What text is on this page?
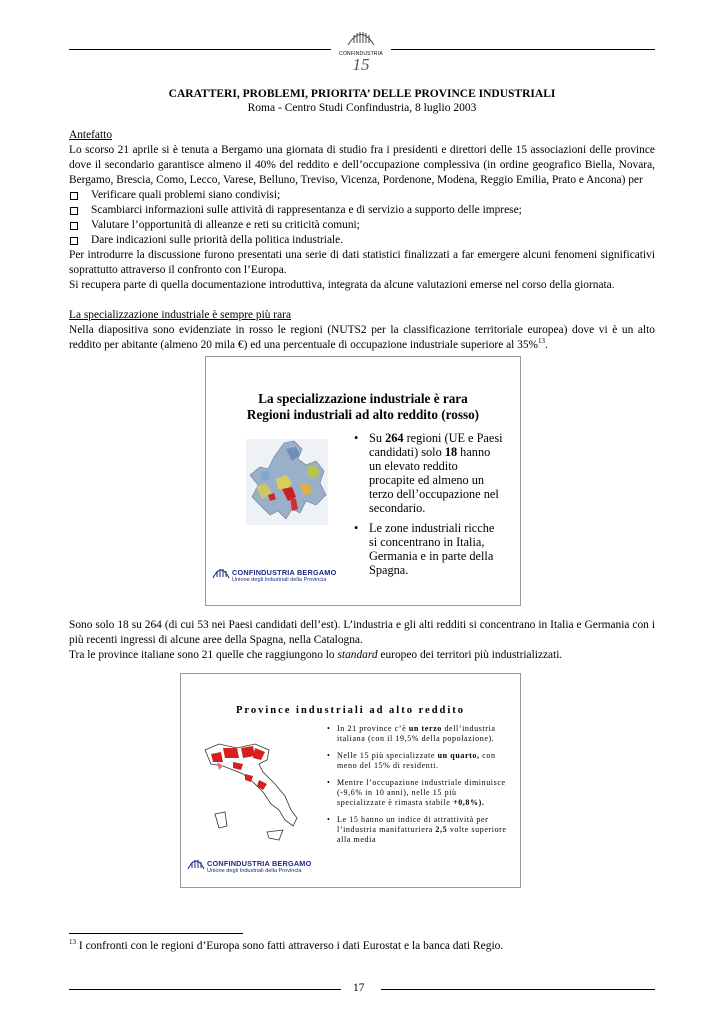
CONFINDUSTRIA
15
CARATTERI, PROBLEMI, PRIORITA’ DELLE PROVINCE INDUSTRIALI
Roma - Centro Studi Confindustria, 8 luglio 2003
Antefatto
Lo scorso 21 aprile si è tenuta a Bergamo una giornata di studio fra i presidenti e direttori delle 15 associazioni delle province dove il secondario garantisce almeno il 40% del reddito e dell’occupazione complessiva (in ordine geografico Biella, Novara, Bergamo, Brescia, Como, Lecco, Varese, Belluno, Treviso, Vicenza, Pordenone, Modena, Reggio Emilia, Prato e Ancona) per
Verificare quali problemi siano condivisi;
Scambiarci informazioni sulle attività di rappresentanza e di servizio a supporto delle imprese;
Valutare l’opportunità di alleanze e reti su criticità comuni;
Dare indicazioni sulle priorità della politica industriale.
Per introdurre la discussione furono presentati una serie di dati statistici finalizzati a far emergere alcuni fenomeni significativi soprattutto attraverso il confronto con l’Europa.
Si recupera parte di quella documentazione introduttiva, integrata da alcune valutazioni emerse nel corso della giornata.
La specializzazione industriale è sempre più rara
Nella diapositiva sono evidenziate in rosso le regioni (NUTS2 per la classificazione territoriale europea) dove vi è un alto reddito per abitante (almeno 20 mila €) ed una percentuale di occupazione industriale superiore al 35%$^{13}$.
La specializzazione industriale è rara
Regioni industriali ad alto reddito (rosso)
• Su 264 regioni (UE e Paesi candidati) solo 18 hanno un elevato reddito procapite ed almeno un terzo dell’occupazione nel secondario.
• Le zone industriali ricche si concentrano in Italia, Germania e in parte della Spagna.
CONFINDUSTRIA BERGAMO
Unione degli Industriali della Provincia
Sono solo 18 su 264 (di cui 53 nei Paesi candidati dell’est). L’industria e gli alti redditi si concentrano in Italia e Germania con i più recenti ingressi di alcune aree della Spagna, nella Catalogna.
Tra le province italiane sono 21 quelle che raggiungono lo standard europeo dei territori più industrializzati.
Province industriali ad alto reddito
• In 21 province c’è un terzo dell’industria italiana (con il 19,5% della popolazione).
• Nelle 15 più specializzate un quarto, con meno del 15% di residenti.
• Mentre l’occupazione industriale diminuisce (-9,6% in 10 anni), nelle 15 più specializzate è rimasta stabile +0,8%).
• Le 15 hanno un indice di attrattività per l’industria manifatturiera 2,5 volte superiore alla media
CONFINDUSTRIA BERGAMO
Unione degli Industriali della Provincia
$^{13}$ I confronti con le regioni d’Europa sono fatti attraverso i dati Eurostat e la banca dati Regio.
17
